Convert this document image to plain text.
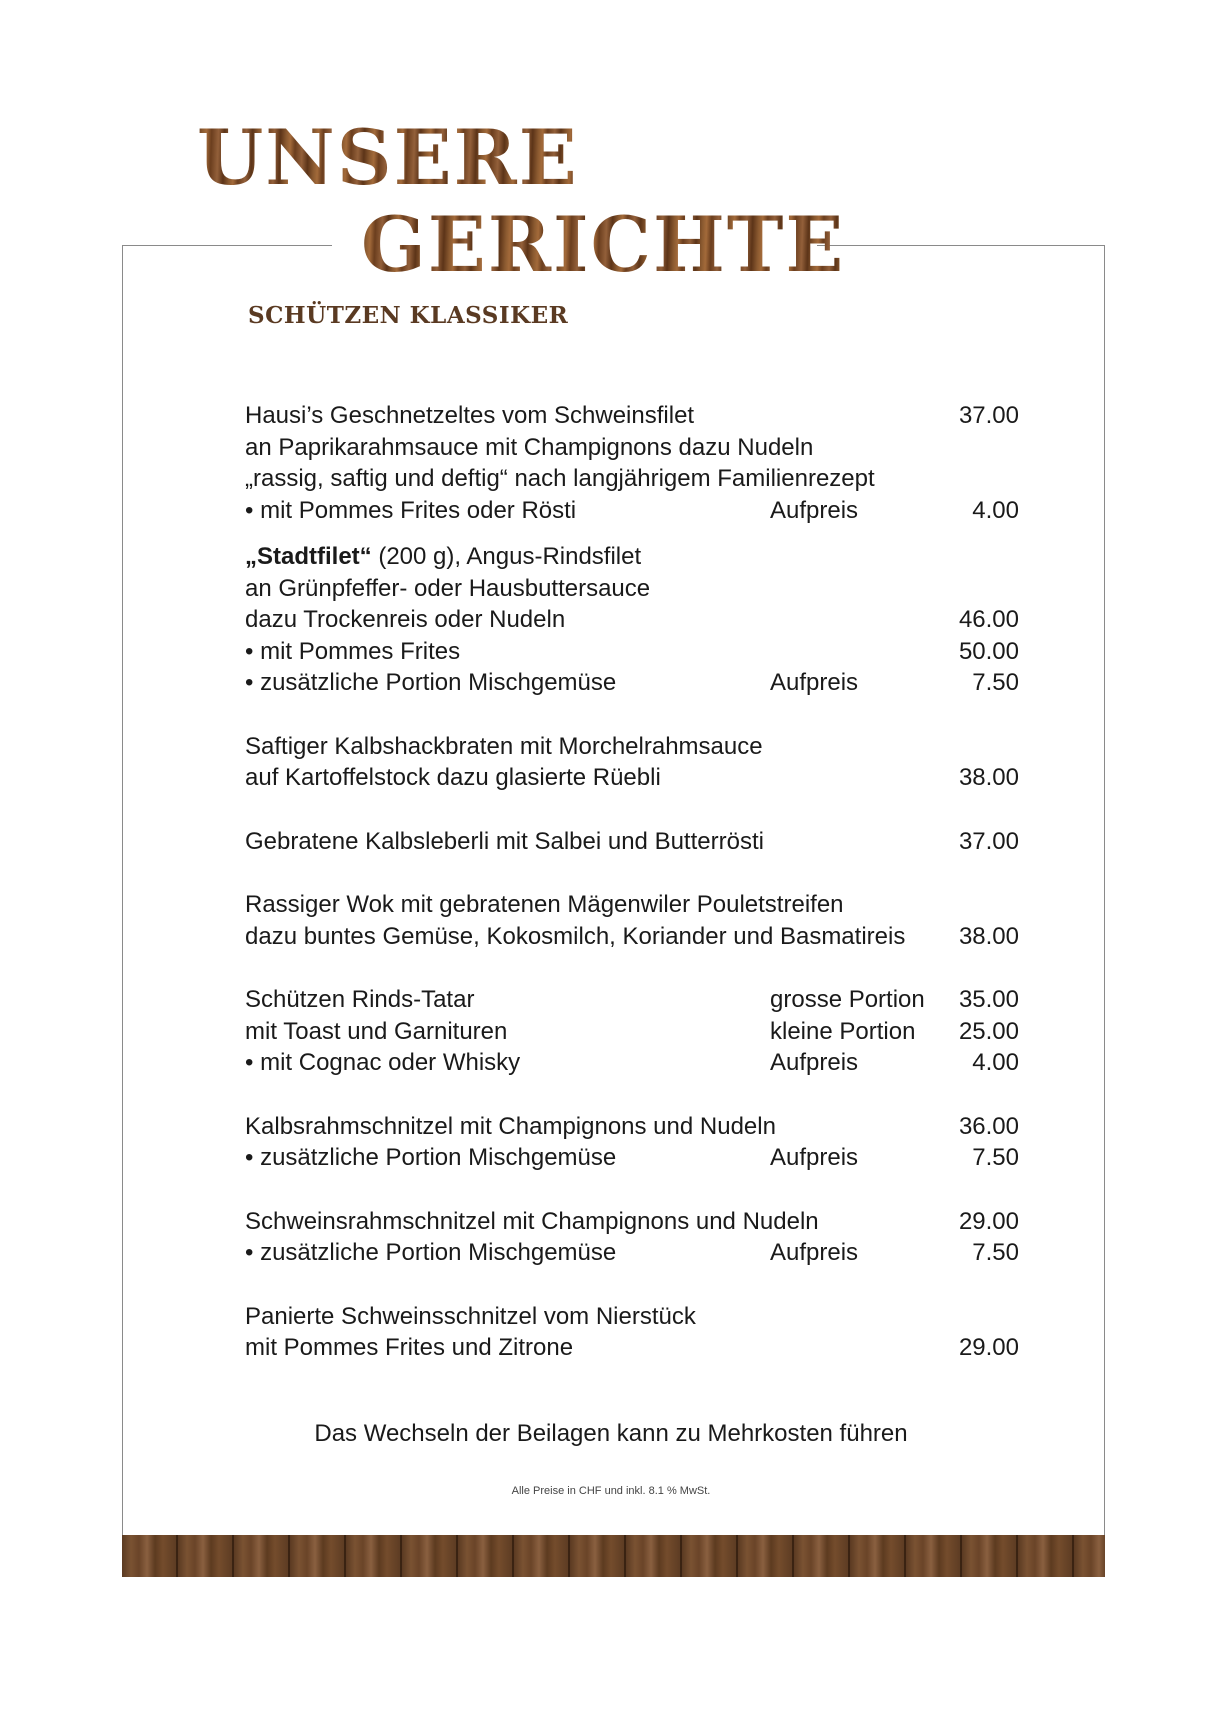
UNSERE
GERICHTE
SCHÜTZEN KLASSIKER
Hausi’s Geschnetzeltes vom Schweinsfilet	37.00
an Paprikarahmsauce mit Champignons dazu Nudeln
„rassig, saftig und deftig“ nach langjährigem Familienrezept
• mit Pommes Frites oder Rösti	Aufpreis	4.00
„Stadtfilet“ (200 g), Angus-Rindsfilet
an Grünpfeffer- oder Hausbuttersauce
dazu Trockenreis oder Nudeln	46.00
• mit Pommes Frites	50.00
• zusätzliche Portion Mischgemüse	Aufpreis	7.50
Saftiger Kalbshackbraten mit Morchelrahmsauce
auf Kartoffelstock dazu glasierte Rüebli	38.00
Gebratene Kalbsleberli mit Salbei und Butterrösti	37.00
Rassiger Wok mit gebratenen Mägenwiler Pouletstreifen
dazu buntes Gemüse, Kokosmilch, Koriander und Basmatireis 38.00
Schützen Rinds-Tatar	grosse Portion 35.00
mit Toast und Garnituren	kleine Portion 25.00
• mit Cognac oder Whisky	Aufpreis	4.00
Kalbsrahmschnitzel mit Champignons und Nudeln	36.00
• zusätzliche Portion Mischgemüse	Aufpreis	7.50
Schweinsrahmschnitzel mit Champignons und Nudeln	29.00
• zusätzliche Portion Mischgemüse	Aufpreis	7.50
Panierte Schweinsschnitzel vom Nierstück
mit Pommes Frites und Zitrone	29.00
Das Wechseln der Beilagen kann zu Mehrkosten führen
Alle Preise in CHF und inkl. 8.1 % MwSt.
